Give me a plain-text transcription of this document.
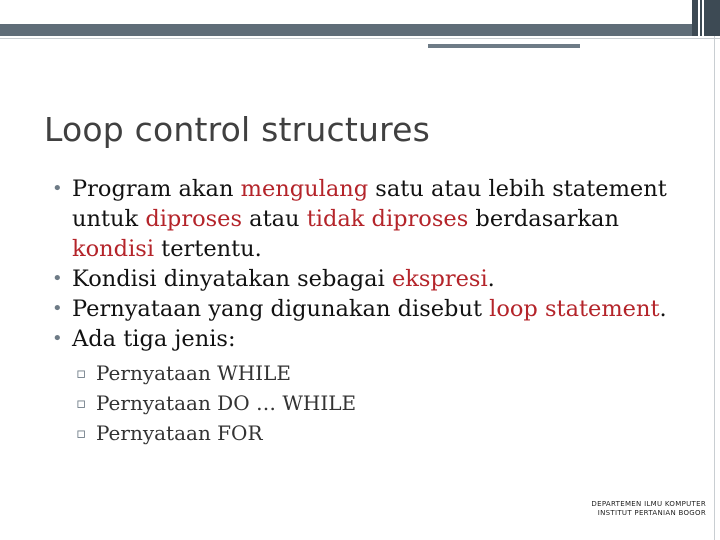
Loop control structures
• Program akan mengulang satu atau lebih statement untuk diproses atau tidak diproses berdasarkan kondisi tertentu.
• Kondisi dinyatakan sebagai ekspresi.
• Pernyataan yang digunakan disebut loop statement.
• Ada tiga jenis:
▫ Pernyataan WHILE
▫ Pernyataan DO … WHILE
▫ Pernyataan FOR
DEPARTEMEN ILMU KOMPUTER
INSTITUT PERTANIAN BOGOR
